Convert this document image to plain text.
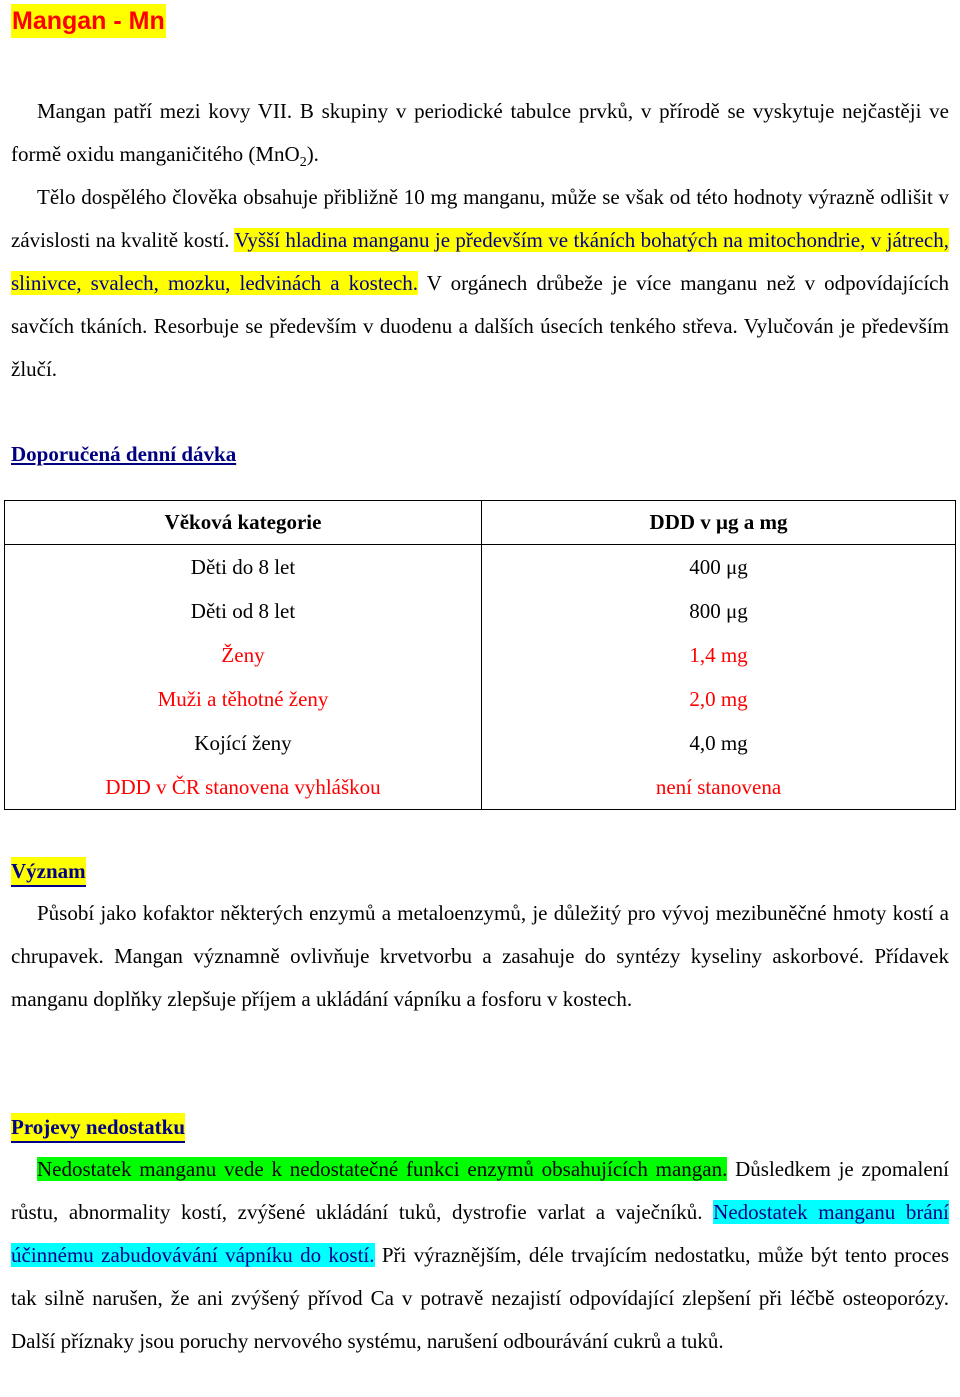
Mangan - Mn
Mangan patří mezi kovy VII. B skupiny v periodické tabulce prvků, v přírodě se vyskytuje nejčastěji ve formě oxidu manganičitého (MnO$_2$).
Tělo dospělého člověka obsahuje přibližně 10 mg manganu, může se však od této hodnoty výrazně odlišit v závislosti na kvalitě kostí. Vyšší hladina manganu je především ve tkáních bohatých na mitochondrie, v játrech, slinivce, svalech, mozku, ledvinách a kostech. V orgánech drůbeže je více manganu než v odpovídajících savčích tkáních. Resorbuje se především v duodenu a dalších úsecích tenkého střeva. Vylučován je především žlučí.
Doporučená denní dávka
Věková kategorie	DDD v μg a mg
Děti do 8 let	400 μg
Děti od 8 let	800 μg
Ženy	1,4 mg
Muži a těhotné ženy	2,0 mg
Kojící ženy	4,0 mg
DDD v ČR stanovena vyhláškou	není stanovena
Význam
Působí jako kofaktor některých enzymů a metaloenzymů, je důležitý pro vývoj mezibuněčné hmoty kostí a chrupavek. Mangan významně ovlivňuje krvetvorbu a zasahuje do syntézy kyseliny askorbové. Přídavek manganu doplňky zlepšuje příjem a ukládání vápníku a fosforu v kostech.
Projevy nedostatku
Nedostatek manganu vede k nedostatečné funkci enzymů obsahujících mangan. Důsledkem je zpomalení růstu, abnormality kostí, zvýšené ukládání tuků, dystrofie varlat a vaječníků. Nedostatek manganu brání účinnému zabudovávání vápníku do kostí. Při výraznějším, déle trvajícím nedostatku, může být tento proces tak silně narušen, že ani zvýšený přívod Ca v potravě nezajistí odpovídající zlepšení při léčbě osteoporózy. Další příznaky jsou poruchy nervového systému, narušení odbourávání cukrů a tuků.
